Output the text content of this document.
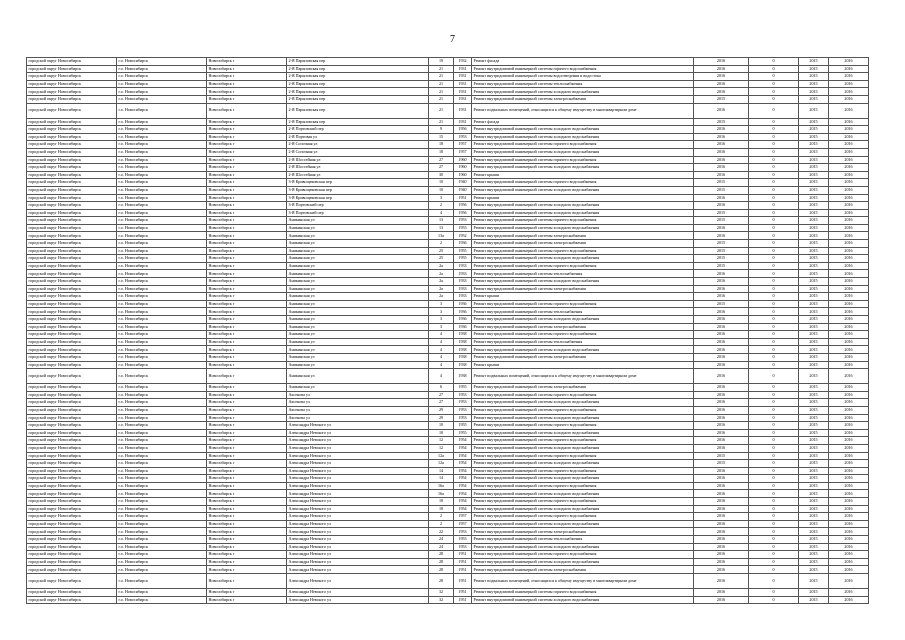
7
городской округ Новосибирск	г.о. Новосибирск	Новосибирск г	2-Я Парызовская пер	19	1932	Ремонт фасада	2016	0	2015	2016
городской округ Новосибирск	г.о. Новосибирск	Новосибирск г	2-Я Парызовская пер	21	1931	Ремонт внутридомовой инженерной системы горячего водоснабжения	2016	0	2015	2016
городской округ Новосибирск	г.о. Новосибирск	Новосибирск г	2-Я Парызовская пер	21	1931	Ремонт внутридомовой инженерной системы водоотведения и водостока	2016	0	2015	2016
городской округ Новосибирск	г.о. Новосибирск	Новосибирск г	2-Я Парызовская пер	21	1931	Ремонт внутридомовой инженерной системы теплоснабжения	2016	0	2015	2016
городской округ Новосибирск	г.о. Новосибирск	Новосибирск г	2-Я Парызовская пер	21	1931	Ремонт внутридомовой инженерной системы холодного водоснабжения	2016	0	2015	2016
городской округ Новосибирск	г.о. Новосибирск	Новосибирск г	2-Я Парызовская пер	21	1931	Ремонт внутридомовой инженерной системы электроснабжения	2015	0	2015	2016
городской округ Новосибирск	г.о. Новосибирск	Новосибирск г	2-Я Парызовская пер	21	1931	Ремонт подвальных помещений, относящихся к общему имуществу в многоквартирном доме	2016	0	2015	2016
городской округ Новосибирск	г.о. Новосибирск	Новосибирск г	2-Я Парызовская пер	21	1931	Ремонт фасада	2015	0	2015	2016
городской округ Новосибирск	г.о. Новосибирск	Новосибирск г	2-Я Портовский пер	9	1956	Ремонт внутридомовой инженерной системы холодного водоснабжения	2016	0	2015	2016
городской округ Новосибирск	г.о. Новосибирск	Новосибирск г	2-Я Портовая ул	15	1953	Ремонт внутридомовой инженерной системы холодного водоснабжения	2016	0	2015	2016
городской округ Новосибирск	г.о. Новосибирск	Новосибирск г	2-Я Сопочная ул	18	1957	Ремонт внутридомовой инженерной системы горячего водоснабжения	2016	0	2015	2016
городской округ Новосибирск	г.о. Новосибирск	Новосибирск г	2-Я Сопочная ул	18	1957	Ремонт внутридомовой инженерной системы холодного водоснабжения	2016	0	2015	2016
городской округ Новосибирск	г.о. Новосибирск	Новосибирск г	2-Я Шоссейная ул	27	1960	Ремонт внутридомовой инженерной системы горячего водоснабжения	2016	0	2015	2016
городской округ Новосибирск	г.о. Новосибирск	Новосибирск г	2-Я Шоссейная ул	27	1960	Ремонт внутридомовой инженерной системы холодного водоснабжения	2016	0	2015	2016
городской округ Новосибирск	г.о. Новосибирск	Новосибирск г	2-Я Шоссейная ул	30	1960	Ремонт крыши	2016	0	2015	2016
городской округ Новосибирск	г.о. Новосибирск	Новосибирск г	3-Я Кривощековская пер	10	1940	Ремонт внутридомовой инженерной системы горячего водоснабжения	2015	0	2015	2016
городской округ Новосибирск	г.о. Новосибирск	Новосибирск г	3-Я Кривощековская пер	10	1940	Ремонт внутридомовой инженерной системы холодного водоснабжения	2015	0	2015	2016
городской округ Новосибирск	г.о. Новосибирск	Новосибирск г	3-Я Кривощековская пер	3	1951	Ремонт крыши	2016	0	2015	2016
городской округ Новосибирск	г.о. Новосибирск	Новосибирск г	3-Я Портовский пер	2	1956	Ремонт внутридомовой инженерной системы холодного водоснабжения	2016	0	2015	2016
городской округ Новосибирск	г.о. Новосибирск	Новосибирск г	3-Я Портовский пер	4	1956	Ремонт внутридомовой инженерной системы холодного водоснабжения	2015	0	2015	2016
городской округ Новосибирск	г.о. Новосибирск	Новосибирск г	Аникинская ул	13	1953	Ремонт внутридомовой инженерной системы горячего водоснабжения	2015	0	2015	2016
городской округ Новосибирск	г.о. Новосибирск	Новосибирск г	Аникинская ул	13	1953	Ремонт внутридомовой инженерной системы холодного водоснабжения	2016	0	2015	2016
городской округ Новосибирск	г.о. Новосибирск	Новосибирск г	Аникинская ул	13а	1952	Ремонт внутридомовой инженерной системы электроснабжения	2016	0	2015	2016
городской округ Новосибирск	г.о. Новосибирск	Новосибирск г	Аникинская ул	2	1936	Ремонт внутридомовой инженерной системы электроснабжения	2015	0	2015	2016
городской округ Новосибирск	г.о. Новосибирск	Новосибирск г	Аникинская ул	25	1955	Ремонт внутридомовой инженерной системы горячего водоснабжения	2015	0	2015	2016
городской округ Новосибирск	г.о. Новосибирск	Новосибирск г	Аникинская ул	25	1955	Ремонт внутридомовой инженерной системы холодного водоснабжения	2015	0	2015	2016
городской округ Новосибирск	г.о. Новосибирск	Новосибирск г	Аникинская ул	2а	1933	Ремонт внутридомовой инженерной системы горячего водоснабжения	2015	0	2015	2016
городской округ Новосибирск	г.о. Новосибирск	Новосибирск г	Аникинская ул	2а	1933	Ремонт внутридомовой инженерной системы теплоснабжения	2016	0	2015	2016
городской округ Новосибирск	г.о. Новосибирск	Новосибирск г	Аникинская ул	2а	1933	Ремонт внутридомовой инженерной системы холодного водоснабжения	2016	0	2015	2016
городской округ Новосибирск	г.о. Новосибирск	Новосибирск г	Аникинская ул	2а	1933	Ремонт внутридомовой инженерной системы электроснабжения	2016	0	2015	2016
городской округ Новосибирск	г.о. Новосибирск	Новосибирск г	Аникинская ул	2а	1933	Ремонт крыши	2016	0	2015	2016
городской округ Новосибирск	г.о. Новосибирск	Новосибирск г	Аникинская ул	3	1936	Ремонт внутридомовой инженерной системы горячего водоснабжения	2015	0	2015	2016
городской округ Новосибирск	г.о. Новосибирск	Новосибирск г	Аникинская ул	3	1936	Ремонт внутридомовой инженерной системы теплоснабжения	2016	0	2015	2016
городской округ Новосибирск	г.о. Новосибирск	Новосибирск г	Аникинская ул	3	1936	Ремонт внутридомовой инженерной системы холодного водоснабжения	2016	0	2015	2016
городской округ Новосибирск	г.о. Новосибирск	Новосибирск г	Аникинская ул	3	1936	Ремонт внутридомовой инженерной системы электроснабжения	2016	0	2015	2016
городской округ Новосибирск	г.о. Новосибирск	Новосибирск г	Аникинская ул	4	1938	Ремонт внутридомовой инженерной системы горячего водоснабжения	2016	0	2015	2016
городской округ Новосибирск	г.о. Новосибирск	Новосибирск г	Аникинская ул	4	1938	Ремонт внутридомовой инженерной системы теплоснабжения	2016	0	2015	2016
городской округ Новосибирск	г.о. Новосибирск	Новосибирск г	Аникинская ул	4	1938	Ремонт внутридомовой инженерной системы холодного водоснабжения	2016	0	2015	2016
городской округ Новосибирск	г.о. Новосибирск	Новосибирск г	Аникинская ул	4	1938	Ремонт внутридомовой инженерной системы электроснабжения	2016	0	2015	2016
городской округ Новосибирск	г.о. Новосибирск	Новосибирск г	Аникинская ул	4	1938	Ремонт крыши	2016	0	2015	2016
городской округ Новосибирск	г.о. Новосибирск	Новосибирск г	Аникинская ул	4	1938	Ремонт подвальных помещений, относящихся к общему имуществу в многоквартирном доме	2016	0	2015	2016
городской округ Новосибирск	г.о. Новосибирск	Новосибирск г	Аникинская ул	6	1955	Ремонт внутридомовой инженерной системы электроснабжения	2016	0	2015	2016
городской округ Новосибирск	г.о. Новосибирск	Новосибирск г	Аксенова ул	27	1953	Ремонт внутридомовой инженерной системы горячего водоснабжения	2016	0	2015	2016
городской округ Новосибирск	г.о. Новосибирск	Новосибирск г	Аксенова ул	27	1953	Ремонт внутридомовой инженерной системы холодного водоснабжения	2016	0	2015	2016
городской округ Новосибирск	г.о. Новосибирск	Новосибирск г	Аксенова ул	29	1953	Ремонт внутридомовой инженерной системы горячего водоснабжения	2016	0	2015	2016
городской округ Новосибирск	г.о. Новосибирск	Новосибирск г	Аксенова ул	29	1953	Ремонт внутридомовой инженерной системы холодного водоснабжения	2016	0	2015	2016
городской округ Новосибирск	г.о. Новосибирск	Новосибирск г	Александра Невского ул	10	1955	Ремонт внутридомовой инженерной системы горячего водоснабжения	2016	0	2015	2016
городской округ Новосибирск	г.о. Новосибирск	Новосибирск г	Александра Невского ул	10	1955	Ремонт внутридомовой инженерной системы холодного водоснабжения	2016	0	2015	2016
городской округ Новосибирск	г.о. Новосибирск	Новосибирск г	Александра Невского ул	12	1954	Ремонт внутридомовой инженерной системы горячего водоснабжения	2016	0	2015	2016
городской округ Новосибирск	г.о. Новосибирск	Новосибирск г	Александра Невского ул	12	1954	Ремонт внутридомовой инженерной системы холодного водоснабжения	2016	0	2015	2016
городской округ Новосибирск	г.о. Новосибирск	Новосибирск г	Александра Невского ул	12а	1954	Ремонт внутридомовой инженерной системы горячего водоснабжения	2015	0	2015	2016
городской округ Новосибирск	г.о. Новосибирск	Новосибирск г	Александра Невского ул	12а	1954	Ремонт внутридомовой инженерной системы холодного водоснабжения	2015	0	2015	2016
городской округ Новосибирск	г.о. Новосибирск	Новосибирск г	Александра Невского ул	14	1954	Ремонт внутридомовой инженерной системы горячего водоснабжения	2016	0	2015	2016
городской округ Новосибирск	г.о. Новосибирск	Новосибирск г	Александра Невского ул	14	1954	Ремонт внутридомовой инженерной системы холодного водоснабжения	2016	0	2015	2016
городской округ Новосибирск	г.о. Новосибирск	Новосибирск г	Александра Невского ул	16а	1954	Ремонт внутридомовой инженерной системы горячего водоснабжения	2016	0	2015	2016
городской округ Новосибирск	г.о. Новосибирск	Новосибирск г	Александра Невского ул	16а	1954	Ремонт внутридомовой инженерной системы холодного водоснабжения	2016	0	2015	2016
городской округ Новосибирск	г.о. Новосибирск	Новосибирск г	Александра Невского ул	18	1954	Ремонт внутридомовой инженерной системы горячего водоснабжения	2016	0	2015	2016
городской округ Новосибирск	г.о. Новосибирск	Новосибирск г	Александра Невского ул	18	1954	Ремонт внутридомовой инженерной системы холодного водоснабжения	2016	0	2015	2016
городской округ Новосибирск	г.о. Новосибирск	Новосибирск г	Александра Невского ул	2	1957	Ремонт внутридомовой инженерной системы горячего водоснабжения	2016	0	2015	2016
городской округ Новосибирск	г.о. Новосибирск	Новосибирск г	Александра Невского ул	2	1957	Ремонт внутридомовой инженерной системы холодного водоснабжения	2016	0	2015	2016
городской округ Новосибирск	г.о. Новосибирск	Новосибирск г	Александра Невского ул	22	1953	Ремонт внутридомовой инженерной системы электроснабжения	2016	0	2015	2016
городской округ Новосибирск	г.о. Новосибирск	Новосибирск г	Александра Невского ул	24	1953	Ремонт внутридомовой инженерной системы теплоснабжения	2016	0	2015	2016
городской округ Новосибирск	г.о. Новосибирск	Новосибирск г	Александра Невского ул	24	1953	Ремонт внутридомовой инженерной системы холодного водоснабжения	2016	0	2015	2016
городской округ Новосибирск	г.о. Новосибирск	Новосибирск г	Александра Невского ул	28	1951	Ремонт внутридомовой инженерной системы горячего водоснабжения	2016	0	2015	2016
городской округ Новосибирск	г.о. Новосибирск	Новосибирск г	Александра Невского ул	28	1951	Ремонт внутридомовой инженерной системы холодного водоснабжения	2016	0	2015	2016
городской округ Новосибирск	г.о. Новосибирск	Новосибирск г	Александра Невского ул	28	1951	Ремонт внутридомовой инженерной системы электроснабжения	2016	0	2015	2016
городской округ Новосибирск	г.о. Новосибирск	Новосибирск г	Александра Невского ул	28	1951	Ремонт подвальных помещений, относящихся к общему имуществу в многоквартирном доме	2016	0	2015	2016
городской округ Новосибирск	г.о. Новосибирск	Новосибирск г	Александра Невского ул	32	1951	Ремонт внутридомовой инженерной системы горячего водоснабжения	2016	0	2015	2016
городской округ Новосибирск	г.о. Новосибирск	Новосибирск г	Александра Невского ул	32	1951	Ремонт внутридомовой инженерной системы холодного водоснабжения	2016	0	2015	2016
